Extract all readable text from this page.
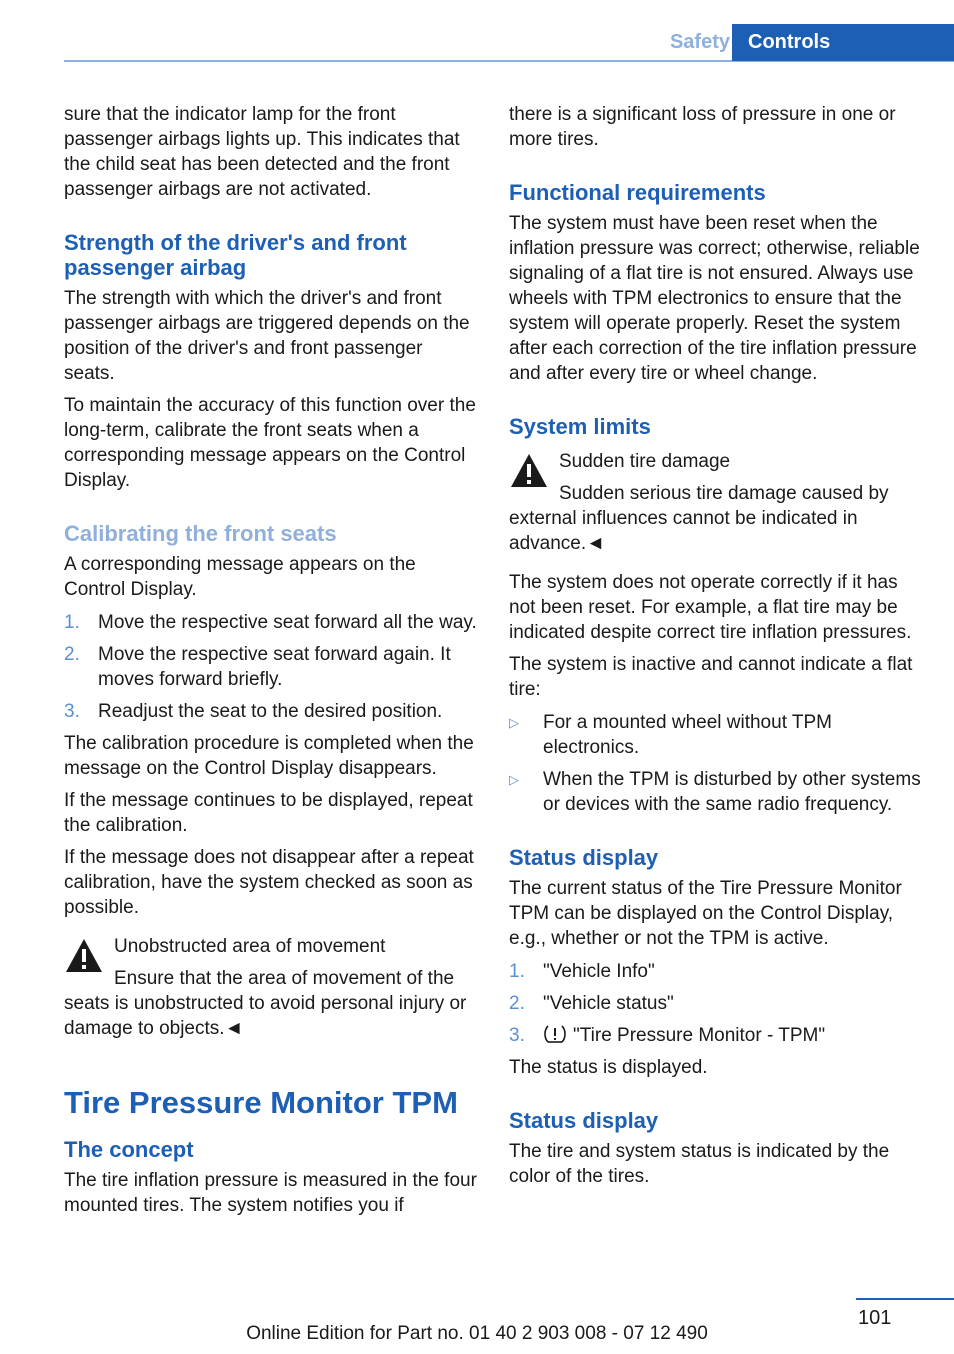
Safety Controls

sure that the indicator lamp for the front passenger airbags lights up. This indicates that the child seat has been detected and the front passenger airbags are not activated.

Strength of the driver's and front passenger airbag

The strength with which the driver's and front passenger airbags are triggered depends on the position of the driver's and front passenger seats.

To maintain the accuracy of this function over the long-term, calibrate the front seats when a corresponding message appears on the Control Display.

Calibrating the front seats

A corresponding message appears on the Control Display.

1. Move the respective seat forward all the way.
2. Move the respective seat forward again. It moves forward briefly.
3. Readjust the seat to the desired position.

The calibration procedure is completed when the message on the Control Display disappears.

If the message continues to be displayed, repeat the calibration.

If the message does not disappear after a repeat calibration, have the system checked as soon as possible.

Unobstructed area of movement
Ensure that the area of movement of the
seats is unobstructed to avoid personal injury or damage to objects.◄
Tire Pressure Monitor TPM
The concept

The tire inflation pressure is measured in the four mounted tires. The system notifies you if

there is a significant loss of pressure in one or more tires.

Functional requirements

The system must have been reset when the inflation pressure was correct; otherwise, reliable signaling of a flat tire is not ensured. Always use wheels with TPM electronics to ensure that the system will operate properly. Reset the system after each correction of the tire inflation pressure and after every tire or wheel change.

System limits
Sudden tire damage
Sudden serious tire damage caused by
external influences cannot be indicated in advance.◄

The system does not operate correctly if it has not been reset. For example, a flat tire may be indicated despite correct tire inflation pressures.

The system is inactive and cannot indicate a flat tire:

▷ For a mounted wheel without TPM electronics.
▷ When the TPM is disturbed by other systems or devices with the same radio frequency.
Status display

The current status of the Tire Pressure Monitor TPM can be displayed on the Control Display, e.g., whether or not the TPM is active.

1. "Vehicle Info"
2. "Vehicle status"
3.	"Tire Pressure Monitor - TPM"

The status is displayed.

Status display

The tire and system status is indicated by the color of the tires.

101
Online Edition for Part no. 01 40 2 903 008 - 07 12 490
